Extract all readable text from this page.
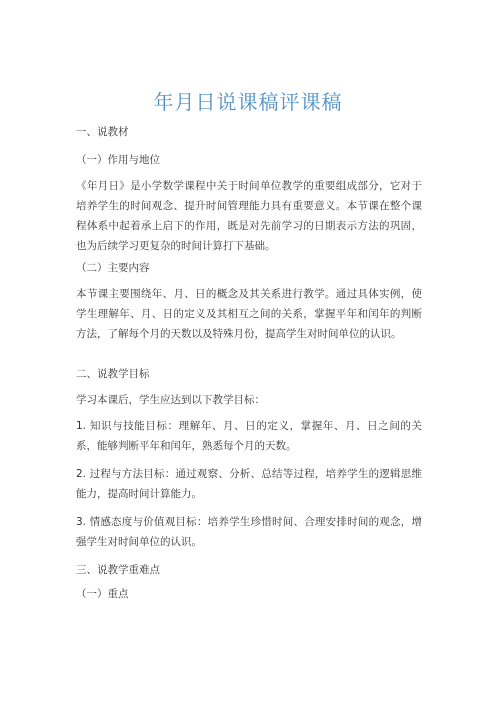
年月日说课稿评课稿
一、说教材
（一）作用与地位
《年月日》是小学数学课程中关于时间单位教学的重要组成部分，它对于培养学生的时间观念、提升时间管理能力具有重要意义。本节课在整个课程体系中起着承上启下的作用，既是对先前学习的日期表示方法的巩固，也为后续学习更复杂的时间计算打下基础。
（二）主要内容
本节课主要围绕年、月、日的概念及其关系进行教学。通过具体实例，使学生理解年、月、日的定义及其相互之间的关系，掌握平年和闰年的判断方法，了解每个月的天数以及特殊月份，提高学生对时间单位的认识。
二、说教学目标
学习本课后，学生应达到以下教学目标：
1. 知识与技能目标：理解年、月、日的定义，掌握年、月、日之间的关系，能够判断平年和闰年，熟悉每个月的天数。
2. 过程与方法目标：通过观察、分析、总结等过程，培养学生的逻辑思维能力，提高时间计算能力。
3. 情感态度与价值观目标：培养学生珍惜时间、合理安排时间的观念，增强学生对时间单位的认识。
三、说教学重难点
（一）重点
